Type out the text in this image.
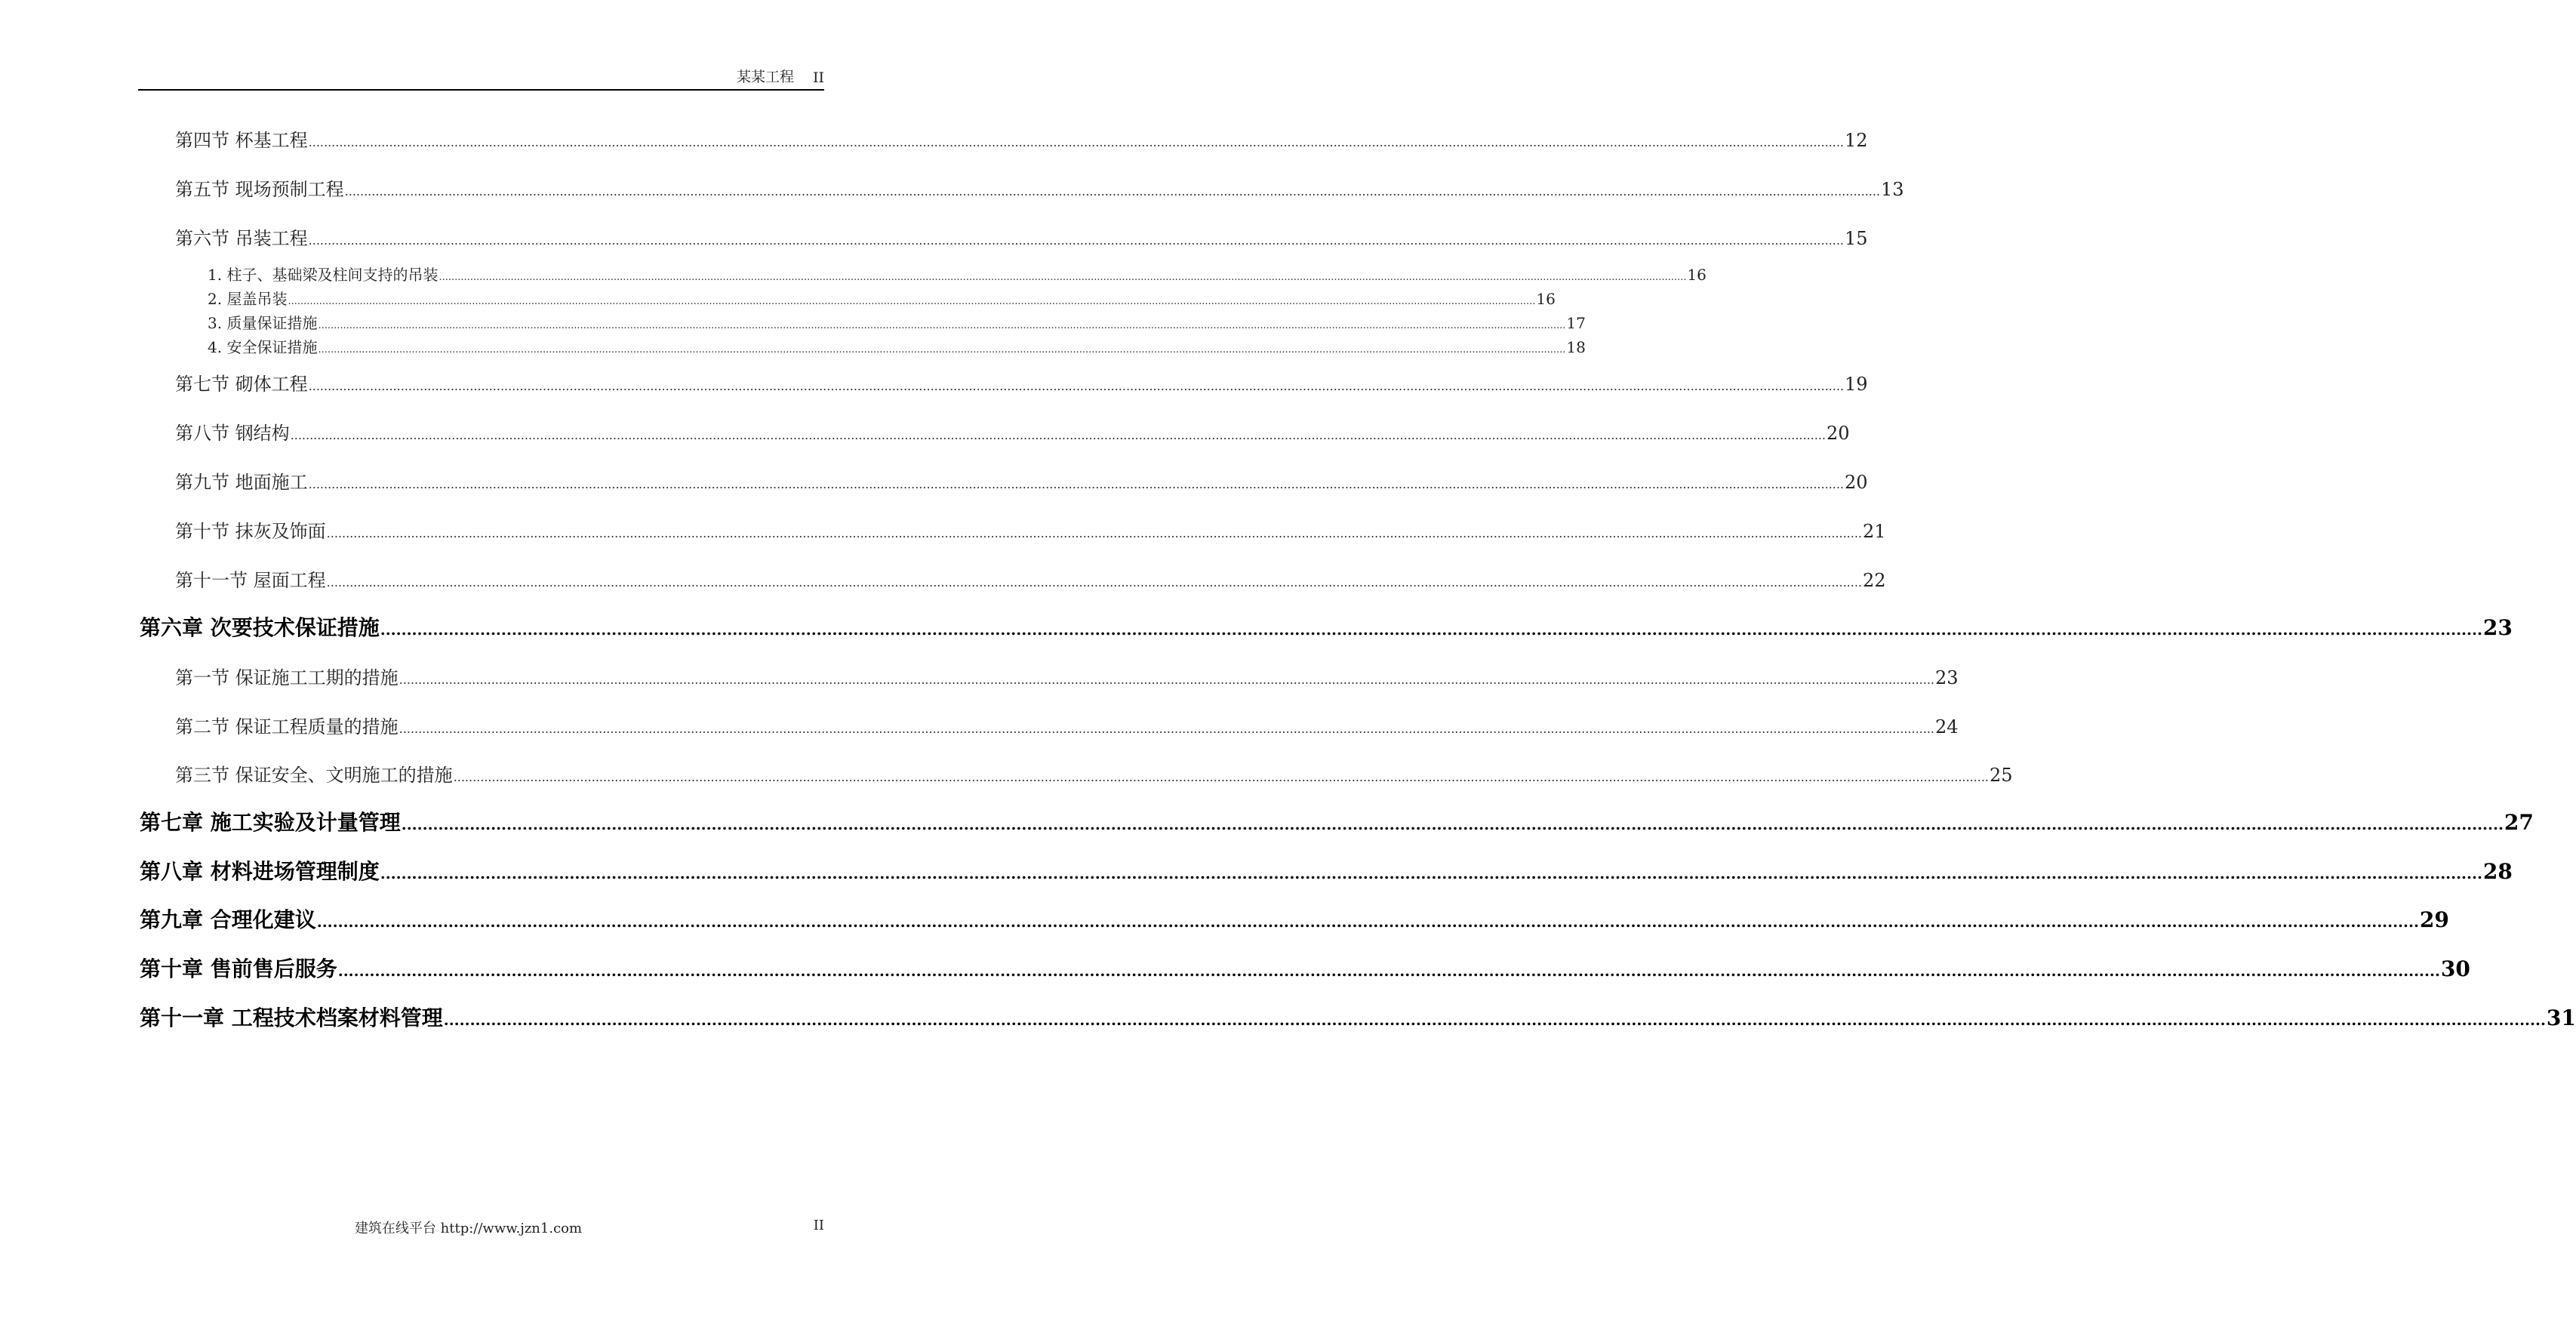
某某工程 II
第四节 杯基工程 ................................................................................................................................................................................................................................................................................................................................................................................................................ 12
第五节 现场预制工程 ................................................................................................................................................................................................................................................................................................................................................................................................................ 13
第六节 吊装工程 ................................................................................................................................................................................................................................................................................................................................................................................................................ 15
1. 柱子、基础梁及柱间支持的吊装 ................................................................................................................................................................................................................................................................................................................................................................................................................ 16
2. 屋盖吊装 ................................................................................................................................................................................................................................................................................................................................................................................................................ 16
3. 质量保证措施 ................................................................................................................................................................................................................................................................................................................................................................................................................ 17
4. 安全保证措施 ................................................................................................................................................................................................................................................................................................................................................................................................................ 18
第七节 砌体工程 ................................................................................................................................................................................................................................................................................................................................................................................................................ 19
第八节 钢结构 ................................................................................................................................................................................................................................................................................................................................................................................................................ 20
第九节 地面施工 ................................................................................................................................................................................................................................................................................................................................................................................................................ 20
第十节 抹灰及饰面 ................................................................................................................................................................................................................................................................................................................................................................................................................ 21
第十一节 屋面工程 ................................................................................................................................................................................................................................................................................................................................................................................................................ 22
第六章 次要技术保证措施 ................................................................................................................................................................................................................................................................................................................................................................................................................ 23
第一节 保证施工工期的措施 ................................................................................................................................................................................................................................................................................................................................................................................................................ 23
第二节 保证工程质量的措施 ................................................................................................................................................................................................................................................................................................................................................................................................................ 24
第三节 保证安全、文明施工的措施 ................................................................................................................................................................................................................................................................................................................................................................................................................ 25
第七章 施工实验及计量管理 ................................................................................................................................................................................................................................................................................................................................................................................................................ 27
第八章 材料进场管理制度 ................................................................................................................................................................................................................................................................................................................................................................................................................ 28
第九章 合理化建议 ................................................................................................................................................................................................................................................................................................................................................................................................................ 29
第十章 售前售后服务 ................................................................................................................................................................................................................................................................................................................................................................................................................ 30
第十一章 工程技术档案材料管理 ................................................................................................................................................................................................................................................................................................................................................................................................................ 31
建筑在线平台 http://www.jzn1.com	II
